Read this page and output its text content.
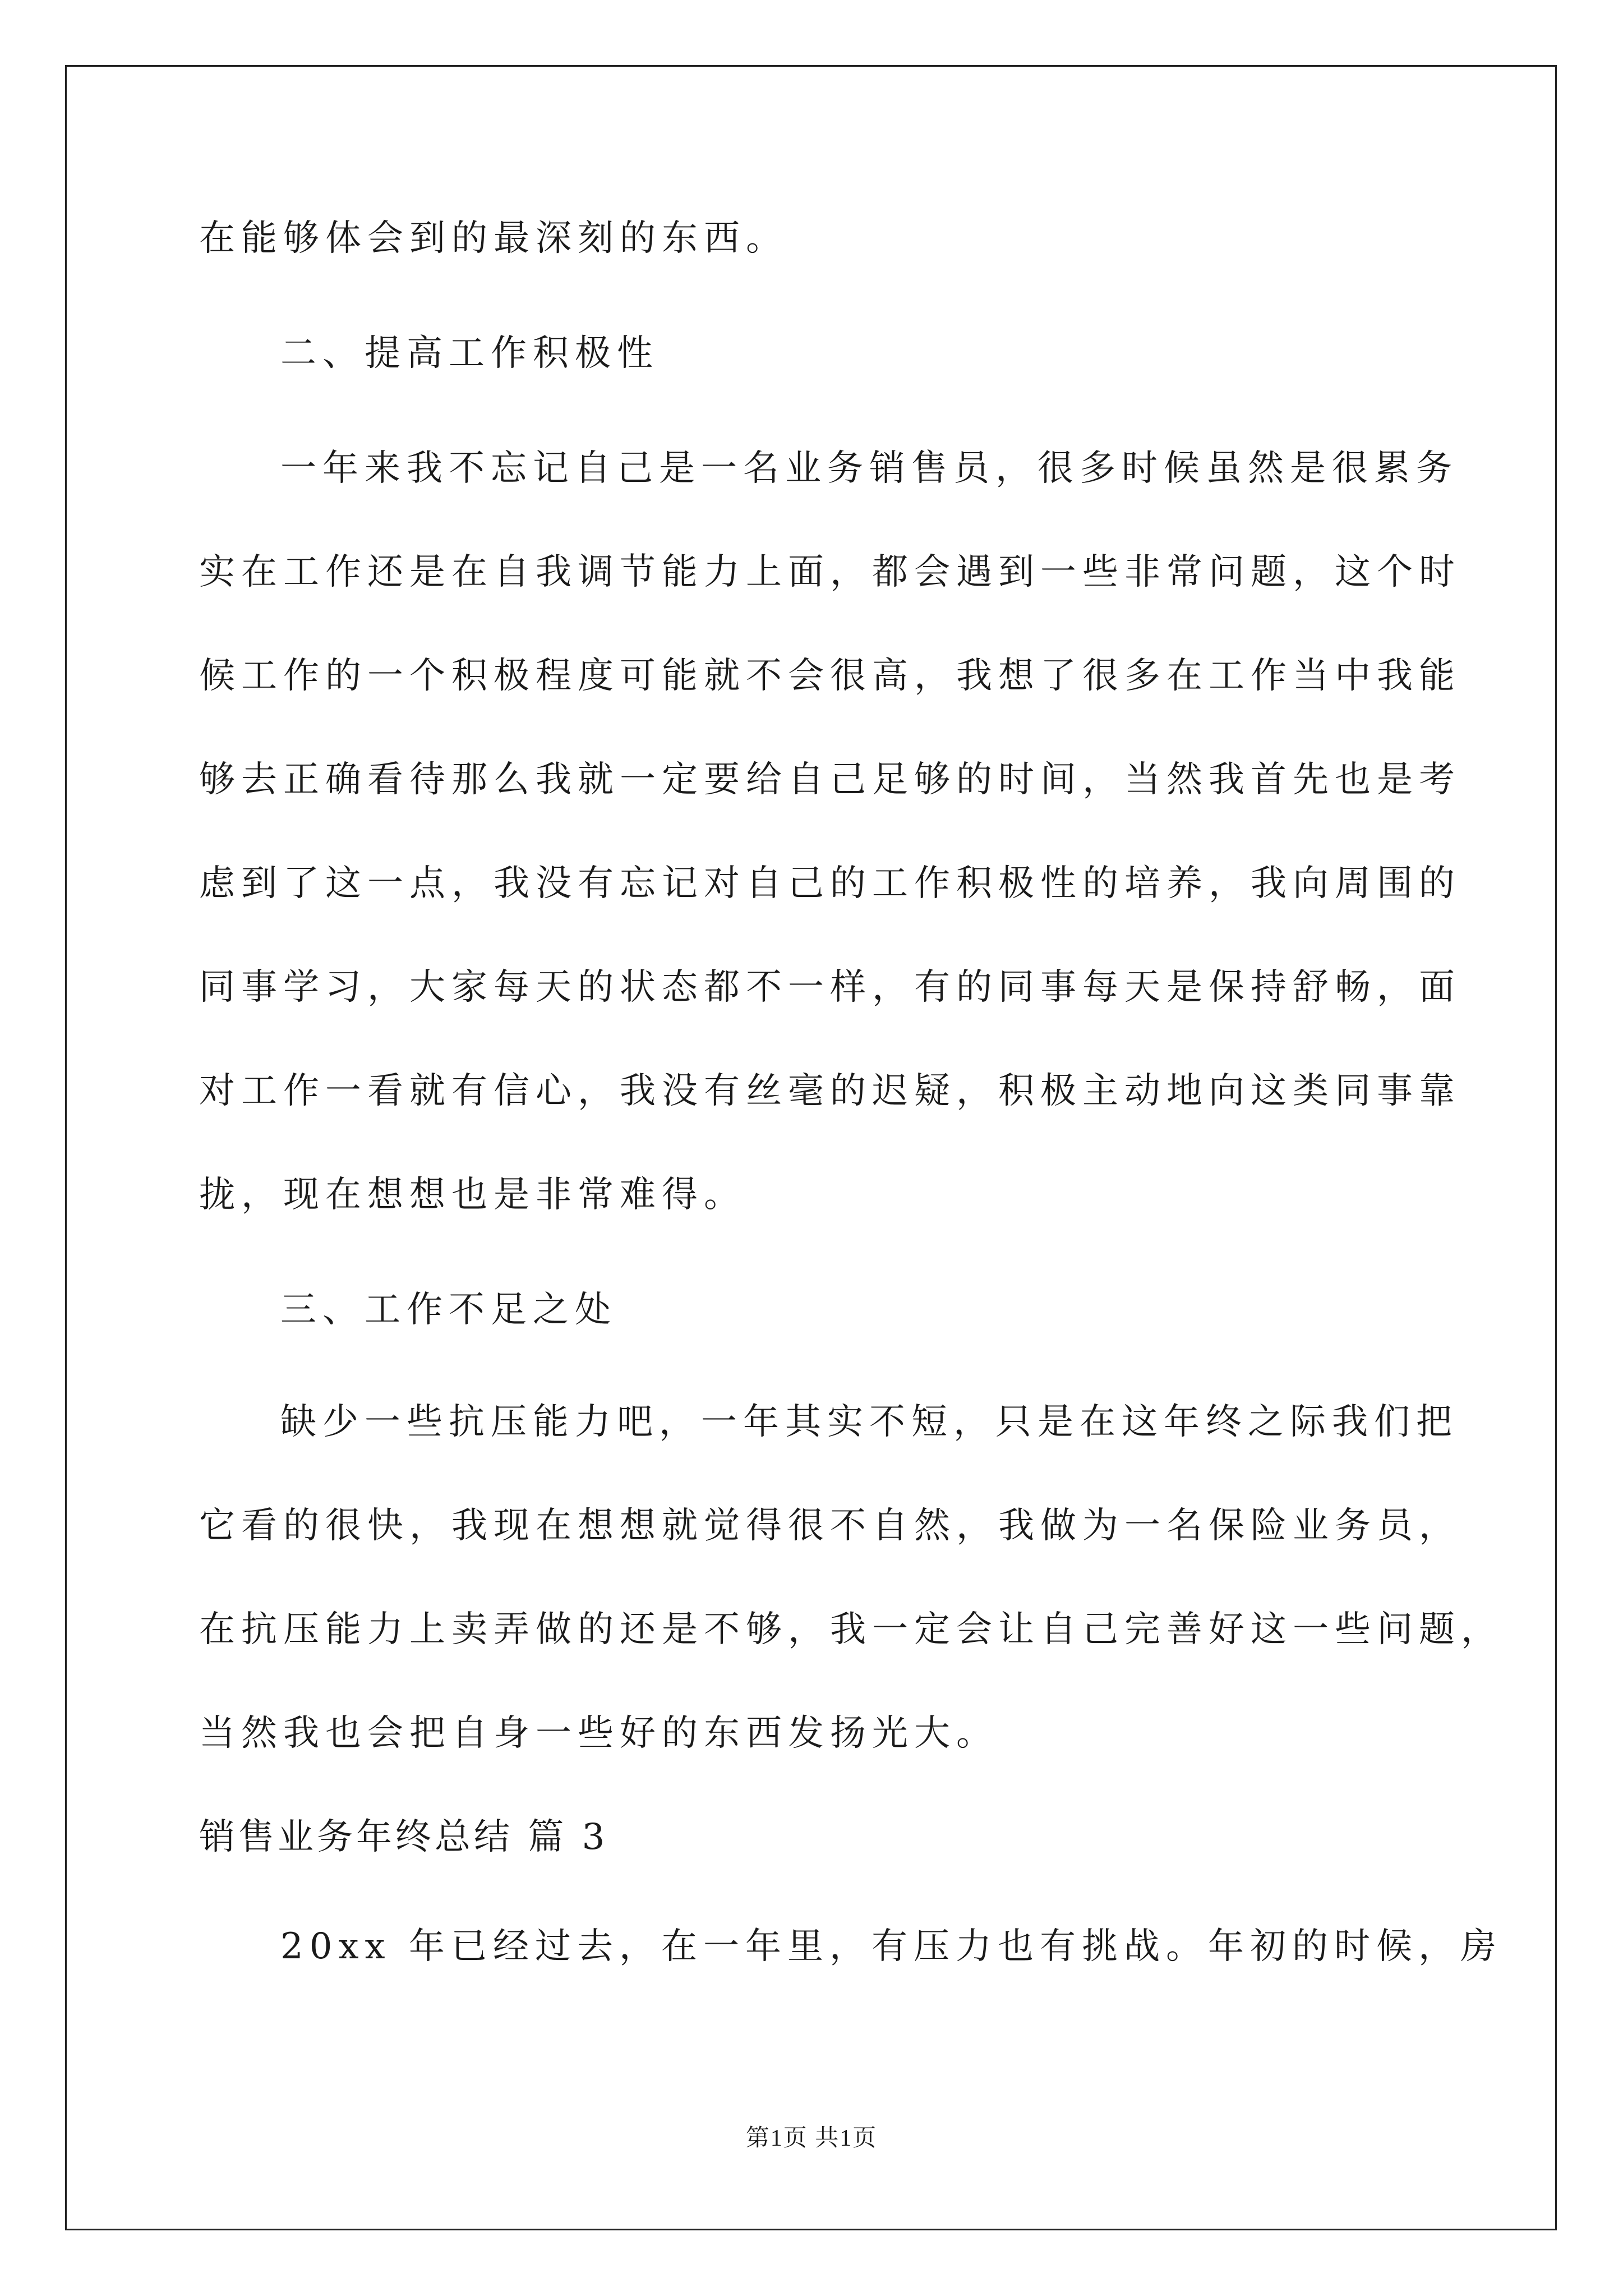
在能够体会到的最深刻的东西。
二、提高工作积极性
一年来我不忘记自己是一名业务销售员，很多时候虽然是很累务
实在工作还是在自我调节能力上面，都会遇到一些非常问题，这个时
候工作的一个积极程度可能就不会很高，我想了很多在工作当中我能
够去正确看待那么我就一定要给自己足够的时间，当然我首先也是考
虑到了这一点，我没有忘记对自己的工作积极性的培养，我向周围的
同事学习，大家每天的状态都不一样，有的同事每天是保持舒畅，面
对工作一看就有信心，我没有丝毫的迟疑，积极主动地向这类同事靠
拢，现在想想也是非常难得。
三、工作不足之处
缺少一些抗压能力吧，一年其实不短，只是在这年终之际我们把
它看的很快，我现在想想就觉得很不自然，我做为一名保险业务员，
在抗压能力上卖弄做的还是不够，我一定会让自己完善好这一些问题，
当然我也会把自身一些好的东西发扬光大。
销售业务年终总结 篇 3
20xx 年已经过去，在一年里，有压力也有挑战。年初的时候，房
第1页 共1页
